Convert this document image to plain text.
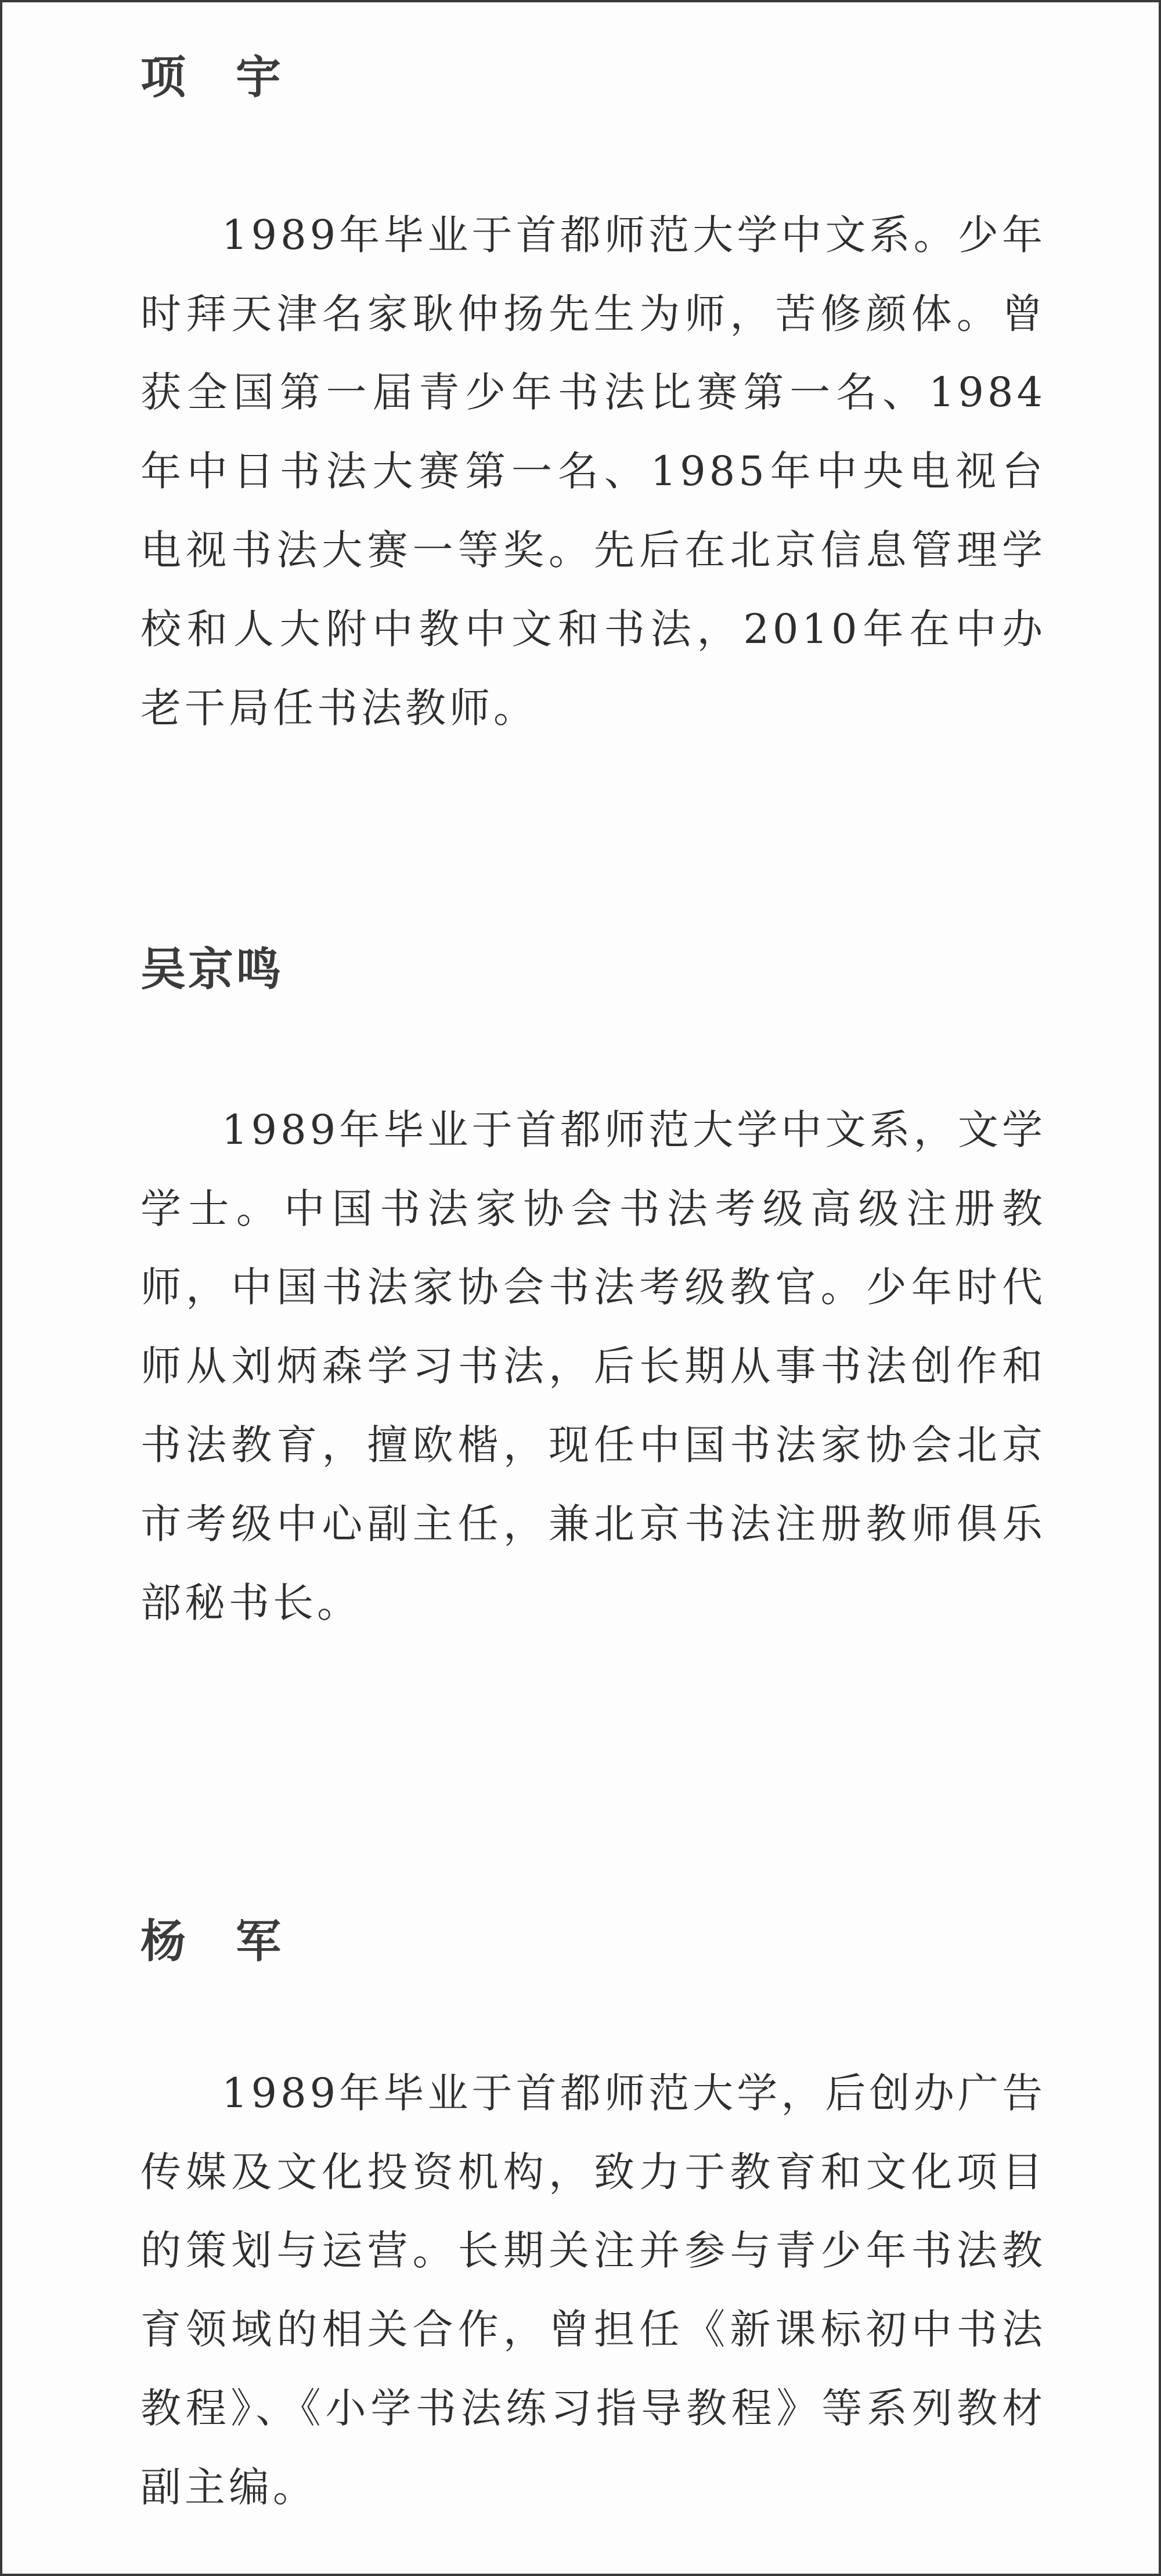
项　宇

1989年毕业于首都师范大学中文系。少年时拜天津名家耿仲扬先生为师，苦修颜体。曾获全国第一届青少年书法比赛第一名、1984年中日书法大赛第一名、1985年中央电视台电视书法大赛一等奖。先后在北京信息管理学校和人大附中教中文和书法，2010年在中办老干局任书法教师。

吴京鸣

1989年毕业于首都师范大学中文系，文学学士。中国书法家协会书法考级高级注册教师，中国书法家协会书法考级教官。少年时代师从刘炳森学习书法，后长期从事书法创作和书法教育，擅欧楷，现任中国书法家协会北京市考级中心副主任，兼北京书法注册教师俱乐部秘书长。

杨　军

1989年毕业于首都师范大学，后创办广告传媒及文化投资机构，致力于教育和文化项目的策划与运营。长期关注并参与青少年书法教育领域的相关合作，曾担任《新课标初中书法教程》、《小学书法练习指导教程》等系列教材副主编。
